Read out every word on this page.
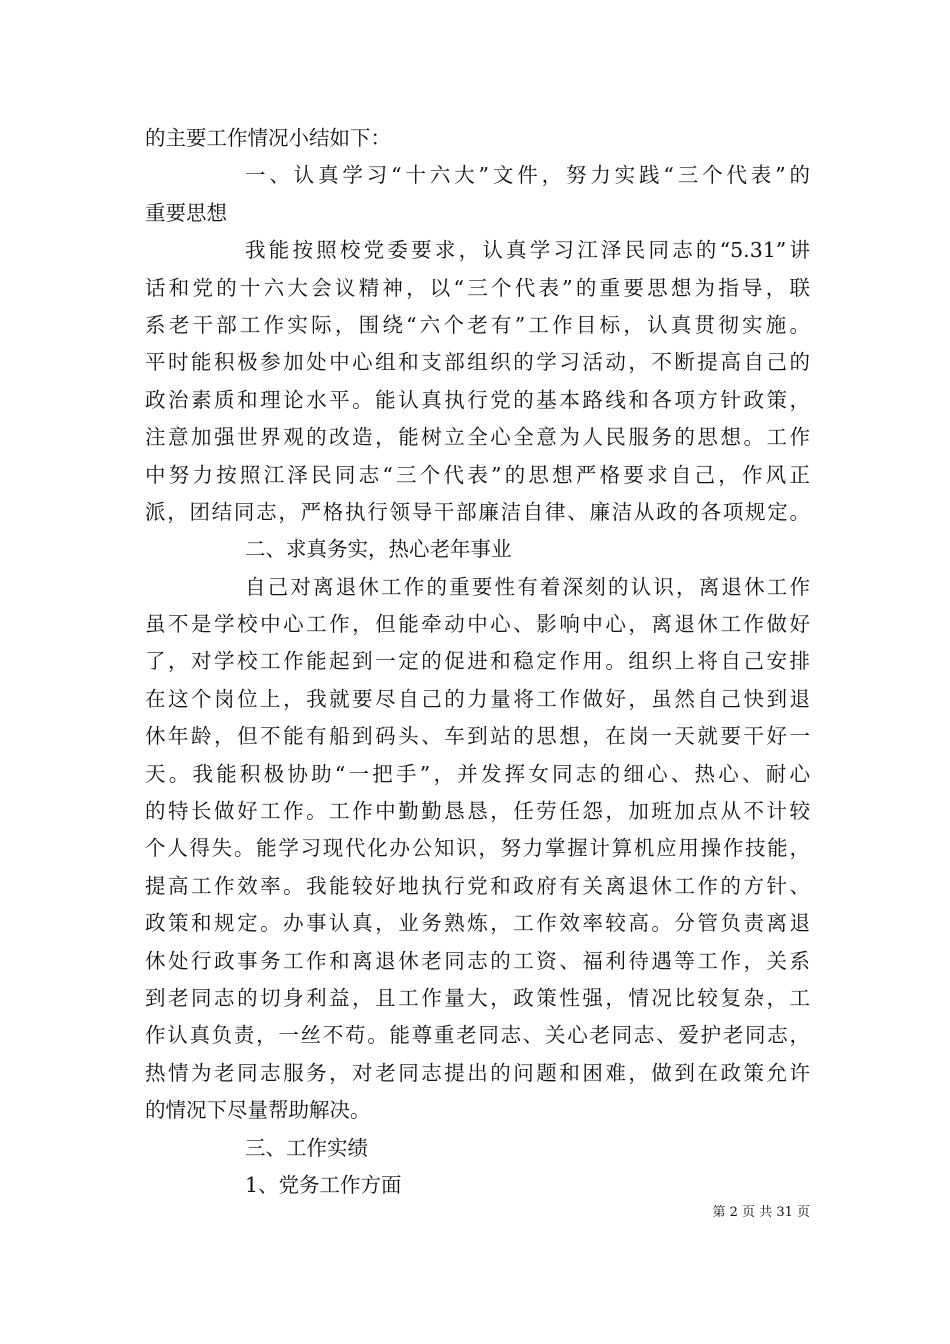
的主要工作情况小结如下：
一、认真学习“十六大”文件，努力实践“三个代表”的
重要思想
我能按照校党委要求，认真学习江泽民同志的“5.31”讲
话和党的十六大会议精神，以“三个代表”的重要思想为指导，联
系老干部工作实际，围绕“六个老有”工作目标，认真贯彻实施。
平时能积极参加处中心组和支部组织的学习活动，不断提高自己的
政治素质和理论水平。能认真执行党的基本路线和各项方针政策，
注意加强世界观的改造，能树立全心全意为人民服务的思想。工作
中努力按照江泽民同志“三个代表”的思想严格要求自己，作风正
派，团结同志，严格执行领导干部廉洁自律、廉洁从政的各项规定。
二、求真务实，热心老年事业
自己对离退休工作的重要性有着深刻的认识，离退休工作
虽不是学校中心工作，但能牵动中心、影响中心，离退休工作做好
了，对学校工作能起到一定的促进和稳定作用。组织上将自己安排
在这个岗位上，我就要尽自己的力量将工作做好，虽然自己快到退
休年龄，但不能有船到码头、车到站的思想，在岗一天就要干好一
天。我能积极协助“一把手”，并发挥女同志的细心、热心、耐心
的特长做好工作。工作中勤勤恳恳，任劳任怨，加班加点从不计较
个人得失。能学习现代化办公知识，努力掌握计算机应用操作技能，
提高工作效率。我能较好地执行党和政府有关离退休工作的方针、
政策和规定。办事认真，业务熟炼，工作效率较高。分管负责离退
休处行政事务工作和离退休老同志的工资、福利待遇等工作，关系
到老同志的切身利益，且工作量大，政策性强，情况比较复杂，工
作认真负责，一丝不苟。能尊重老同志、关心老同志、爱护老同志，
热情为老同志服务，对老同志提出的问题和困难，做到在政策允许
的情况下尽量帮助解决。
三、工作实绩
1、党务工作方面
第 2 页 共 31 页
